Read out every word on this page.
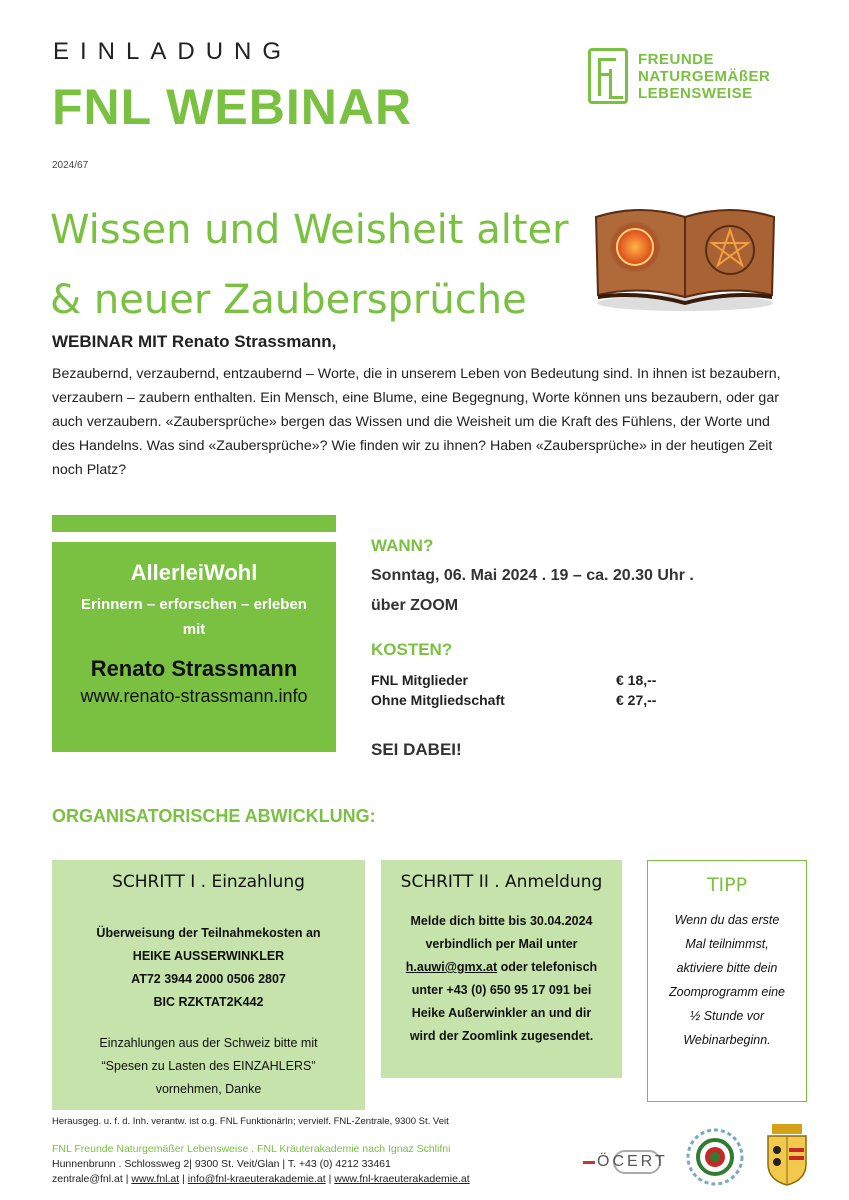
EINLADUNG
FNL WEBINAR
FREUNDE
NATURGEMÄßER
LEBENSWEISE
2024/67
Wissen und Weisheit alter
& neuer Zaubersprüche
WEBINAR MIT Renato Strassmann,
Bezaubernd, verzaubernd, entzaubernd – Worte, die in unserem Leben von Bedeutung sind. In ihnen ist bezaubern, verzaubern – zaubern enthalten. Ein Mensch, eine Blume, eine Begegnung, Worte können uns bezaubern, oder gar auch verzaubern. «Zaubersprüche» bergen das Wissen und die Weisheit um die Kraft des Fühlens, der Worte und des Handelns. Was sind «Zaubersprüche»? Wie finden wir zu ihnen? Haben «Zaubersprüche» in der heutigen Zeit noch Platz?
AllerleiWohl
Erinnern – erforschen – erleben
mit
Renato Strassmann
www.renato-strassmann.info
WANN?
Sonntag, 06. Mai 2024 . 19 – ca. 20.30 Uhr .
über ZOOM
KOSTEN?
FNL Mitglieder	€ 18,--
Ohne Mitgliedschaft	€ 27,--
SEI DABEI!
ORGANISATORISCHE ABWICKLUNG:
SCHRITT I . Einzahlung
Überweisung der Teilnahmekosten an
HEIKE AUSSERWINKLER
AT72 3944 2000 0506 2807
BIC RZKTAT2K442
Einzahlungen aus der Schweiz bitte mit
“Spesen zu Lasten des EINZAHLERS”
vornehmen, Danke
SCHRITT II . Anmeldung
Melde dich bitte bis 30.04.2024
verbindlich per Mail unter
h.auwi@gmx.at oder telefonisch
unter +43 (0) 650 95 17 091 bei
Heike Außerwinkler an und dir
wird der Zoomlink zugesendet.
TIPP
Wenn du das erste
Mal teilnimmst,
aktiviere bitte dein
Zoomprogramm eine
½ Stunde vor
Webinarbeginn.
Herausgeg. u. f. d. Inh. verantw. ist o.g. FNL FunktionärIn; vervielf. FNL-Zentrale, 9300 St. Veit
FNL Freunde Naturgemäßer Lebensweise . FNL Kräuterakademie nach Ignaz Schlifni
Hunnenbrunn . Schlossweg 2| 9300 St. Veit/Glan | T. +43 (0) 4212 33461
zentrale@fnl.at | www.fnl.at | info@fnl-kraeuterakademie.at | www.fnl-kraeuterakademie.at
ÖCERT
